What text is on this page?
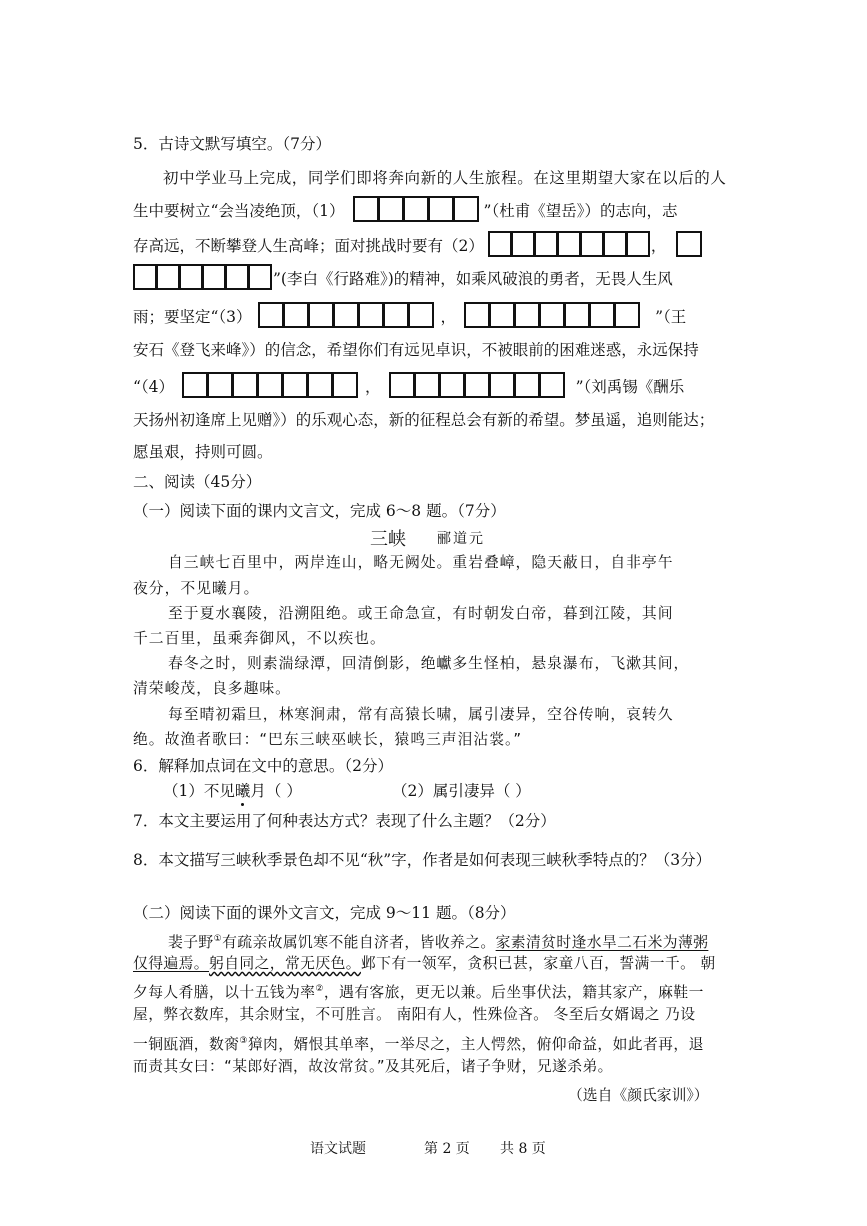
5．古诗文默写填空。（7分）
初中学业马上完成，同学们即将奔向新的人生旅程。在这里期望大家在以后的人
生中要树立“会当凌绝顶，（1）	”（杜甫《望岳》）的志向，志
存高远，不断攀登人生高峰；面对挑战时要有（2）	，
”(李白《行路难》)的精神，如乘风破浪的勇者，无畏人生风
雨；要坚定“（3）	，	”（王
安石《登飞来峰》）的信念，希望你们有远见卓识，不被眼前的困难迷惑，永远保持
“（4）	，	”（刘禹锡《酬乐
天扬州初逢席上见赠》）的乐观心态，新的征程总会有新的希望。梦虽遥，追则能达；
愿虽艰，持则可圆。
二、阅读（45分）
（一）阅读下面的课内文言文，完成 6～8 题。（7分）
三峡 郦道元
自三峡七百里中，两岸连山，略无阙处。重岩叠嶂，隐天蔽日，自非亭午
夜分，不见曦月。
至于夏水襄陵，沿溯阻绝。或王命急宣，有时朝发白帝，暮到江陵，其间
千二百里，虽乘奔御风，不以疾也。
春冬之时，则素湍绿潭，回清倒影，绝巘多生怪柏，悬泉瀑布，飞漱其间，
清荣峻茂，良多趣味。
每至晴初霜旦，林寒涧肃，常有高猿长啸，属引凄异，空谷传响，哀转久
绝。故渔者歌曰：“巴东三峡巫峡长，猿鸣三声泪沾裳。”
6．解释加点词在文中的意思。（2分）
（1）不见曦月（ ）	（2）属引凄异（ ）
7．本文主要运用了何种表达方式？表现了什么主题？（2分）
8．本文描写三峡秋季景色却不见“秋”字，作者是如何表现三峡秋季特点的？（3分）
（二）阅读下面的课外文言文，完成 9～11 题。（8分）
裴子野①有疏亲故属饥寒不能自济者，皆收养之。家素清贫时逢水旱二石米为薄粥
仅得遍焉。躬自同之，常无厌色。邺下有一领军，贪积已甚，家童八百，誓满一千。 朝
夕每人肴膳，以十五钱为率②，遇有客旅，更无以兼。后坐事伏法，籍其家产，麻鞋一
屋，弊衣数库，其余财宝，不可胜言。 南阳有人，性殊俭吝。 冬至后女婿谒之 乃设
一铜瓯酒，数脔③獐肉，婿恨其单率，一举尽之，主人愕然，俯仰命益，如此者再，退
而责其女曰：“某郎好酒，故汝常贫。”及其死后，诸子争财，兄遂杀弟。
（选自《颜氏家训》）
语文试题	第 2 页 共 8 页
